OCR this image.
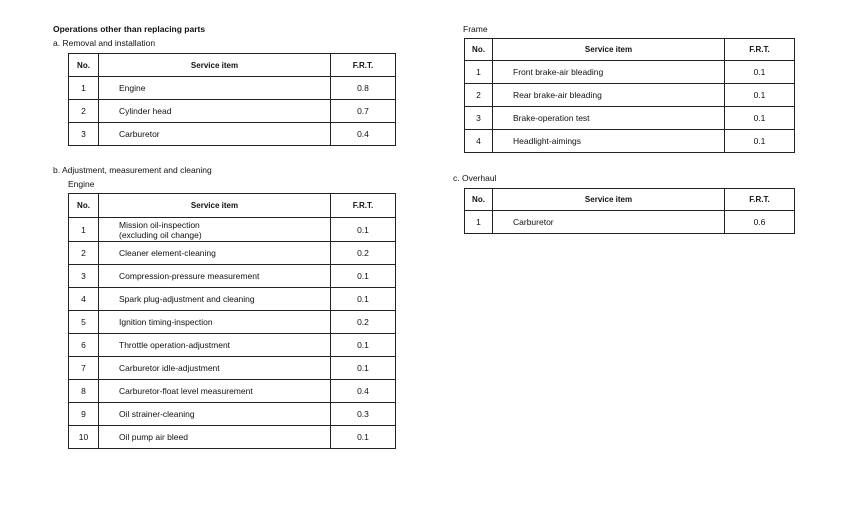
Operations other than replacing parts
a. Removal and installation
b. Adjustment, measurement and cleaning
Engine
Frame
c. Overhaul
No.	Service item	F.R.T.
1	Engine	0.8
2	Cylinder head	0.7
3	Carburetor	0.4
No.	Service item	F.R.T.
1	Mission oil-inspection
(excluding oil change)	0.1
2	Cleaner element-cleaning	0.2
3	Compression-pressure measurement	0.1
4	Spark plug-adjustment and cleaning	0.1
5	Ignition timing-inspection	0.2
6	Throttle operation-adjustment	0.1
7	Carburetor idle-adjustment	0.1
8	Carburetor-float level measurement	0.4
9	Oil strainer-cleaning	0.3
10	Oil pump air bleed	0.1
No.	Service item	F.R.T.
1	Front brake-air bleading	0.1
2	Rear brake-air bleading	0.1
3	Brake-operation test	0.1
4	Headlight-aimings	0.1
No.	Service item	F.R.T.
1	Carburetor	0.6
